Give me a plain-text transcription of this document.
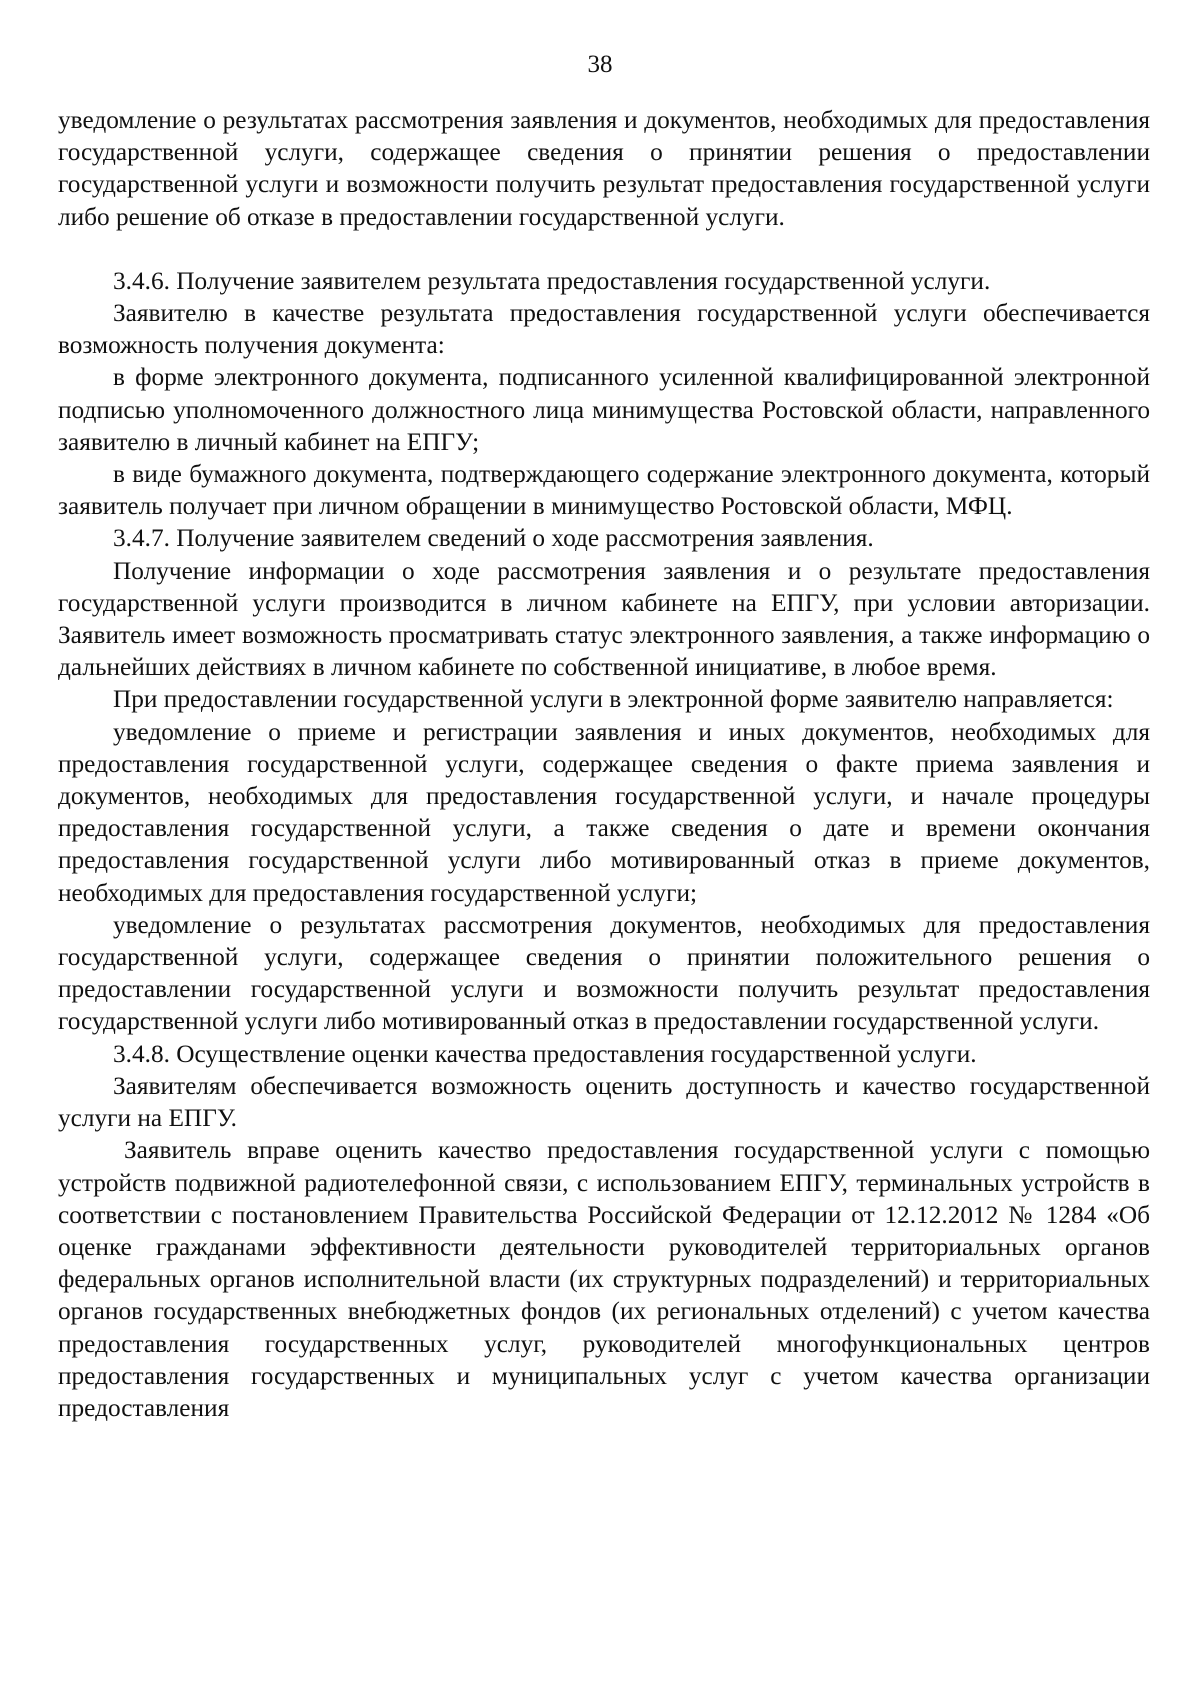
38

уведомление о результатах рассмотрения заявления и документов, необходимых для предоставления государственной услуги, содержащее сведения о принятии решения о предоставлении государственной услуги и возможности получить результат предоставления государственной услуги либо решение об отказе в предоставлении государственной услуги.

3.4.6. Получение заявителем результата предоставления государственной услуги.

Заявителю в качестве результата предоставления государственной услуги обеспечивается возможность получения документа:

в форме электронного документа, подписанного усиленной квалифицированной электронной подписью уполномоченного должностного лица минимущества Ростовской области, направленного заявителю в личный кабинет на ЕПГУ;

в виде бумажного документа, подтверждающего содержание электронного документа, который заявитель получает при личном обращении в минимущество Ростовской области, МФЦ.

3.4.7. Получение заявителем сведений о ходе рассмотрения заявления.

Получение информации о ходе рассмотрения заявления и о результате предоставления государственной услуги производится в личном кабинете на ЕПГУ, при условии авторизации. Заявитель имеет возможность просматривать статус электронного заявления, а также информацию о дальнейших действиях в личном кабинете по собственной инициативе, в любое время.

При предоставлении государственной услуги в электронной форме заявителю направляется:

уведомление о приеме и регистрации заявления и иных документов, необходимых для предоставления государственной услуги, содержащее сведения о факте приема заявления и документов, необходимых для предоставления государственной услуги, и начале процедуры предоставления государственной услуги, а также сведения о дате и времени окончания предоставления государственной услуги либо мотивированный отказ в приеме документов, необходимых для предоставления государственной услуги;

уведомление о результатах рассмотрения документов, необходимых для предоставления государственной услуги, содержащее сведения о принятии положительного решения о предоставлении государственной услуги и возможности получить результат предоставления государственной услуги либо мотивированный отказ в предоставлении государственной услуги.

3.4.8. Осуществление оценки качества предоставления государственной услуги.

Заявителям обеспечивается возможность оценить доступность и качество государственной услуги на ЕПГУ.

Заявитель вправе оценить качество предоставления государственной услуги с помощью устройств подвижной радиотелефонной связи, с использованием ЕПГУ, терминальных устройств в соответствии с постановлением Правительства Российской Федерации от 12.12.2012 № 1284 «Об оценке гражданами эффективности деятельности руководителей территориальных органов федеральных органов исполнительной власти (их структурных подразделений) и территориальных органов государственных внебюджетных фондов (их региональных отделений) с учетом качества предоставления государственных услуг, руководителей многофункциональных центров предоставления государственных и муниципальных услуг с учетом качества организации предоставления
